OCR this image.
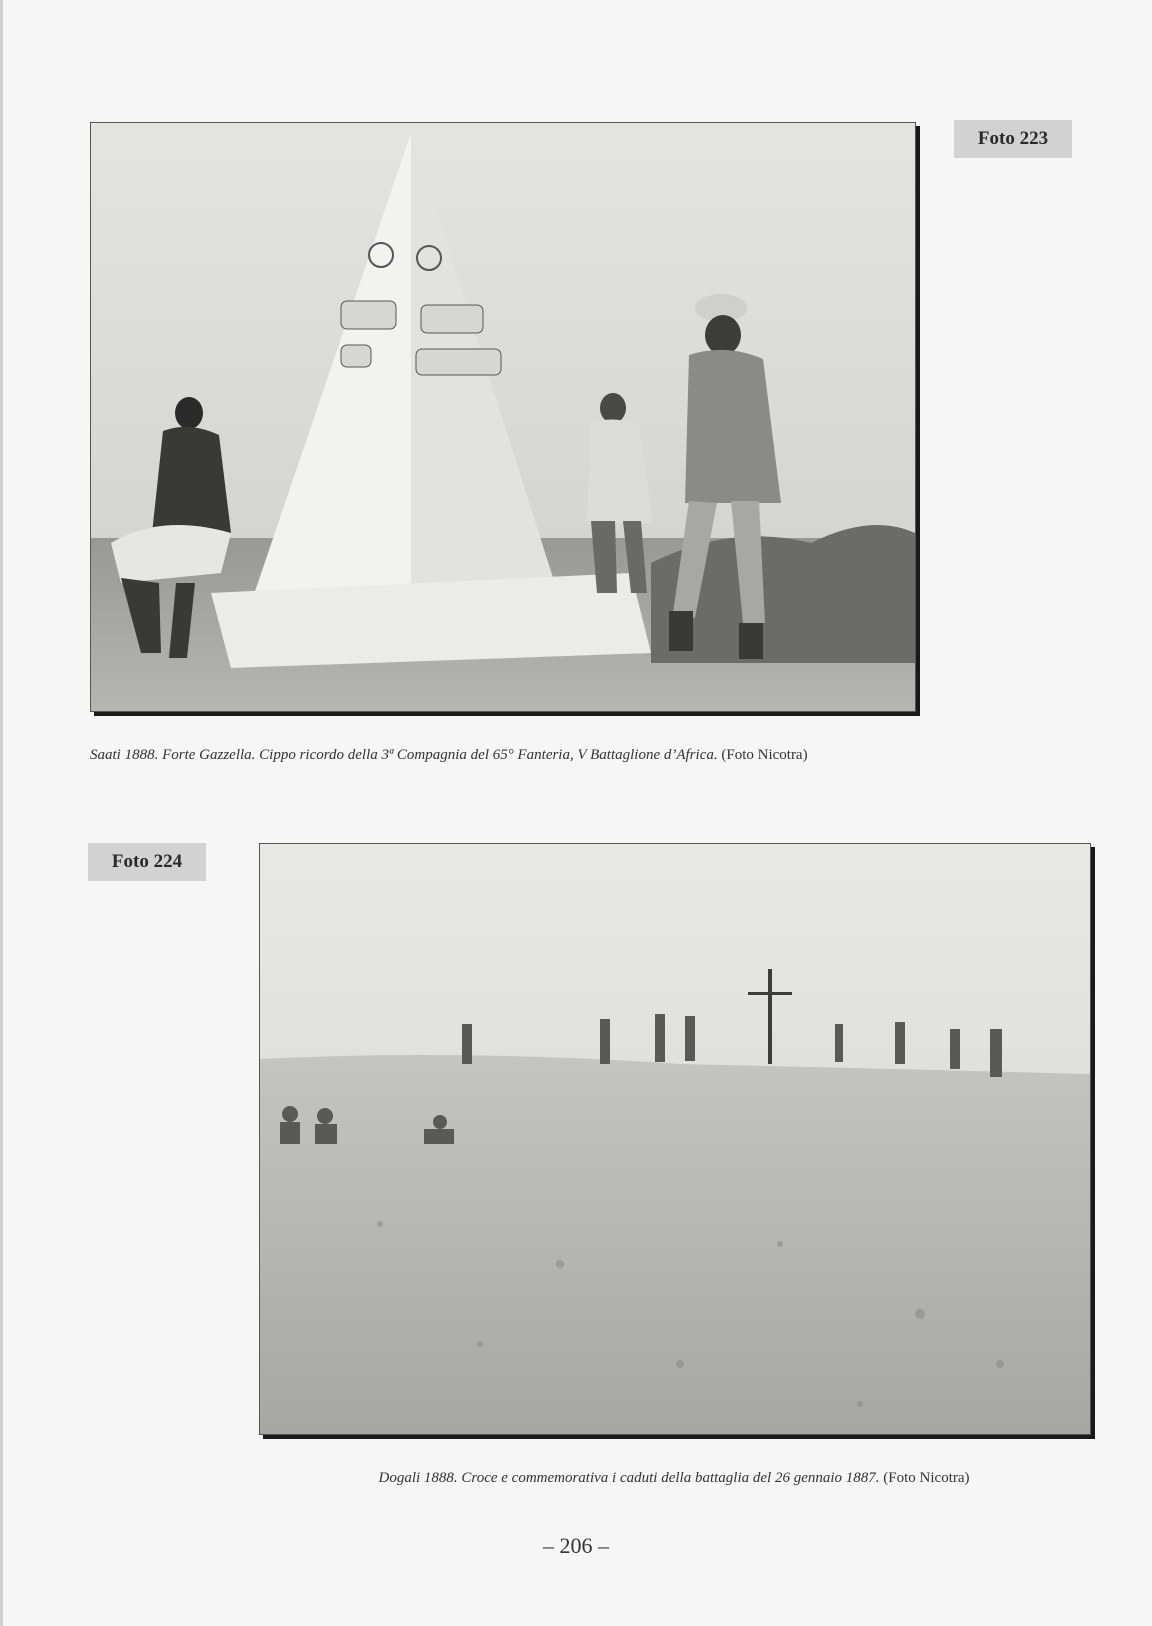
Foto 223
Saati 1888. Forte Gazzella. Cippo ricordo della 3ª Compagnia del 65° Fanteria, V Battaglione d’Africa. (Foto Nicotra)
Foto 224
Dogali 1888. Croce e commemorativa i caduti della battaglia del 26 gennaio 1887. (Foto Nicotra)
– 206 –
